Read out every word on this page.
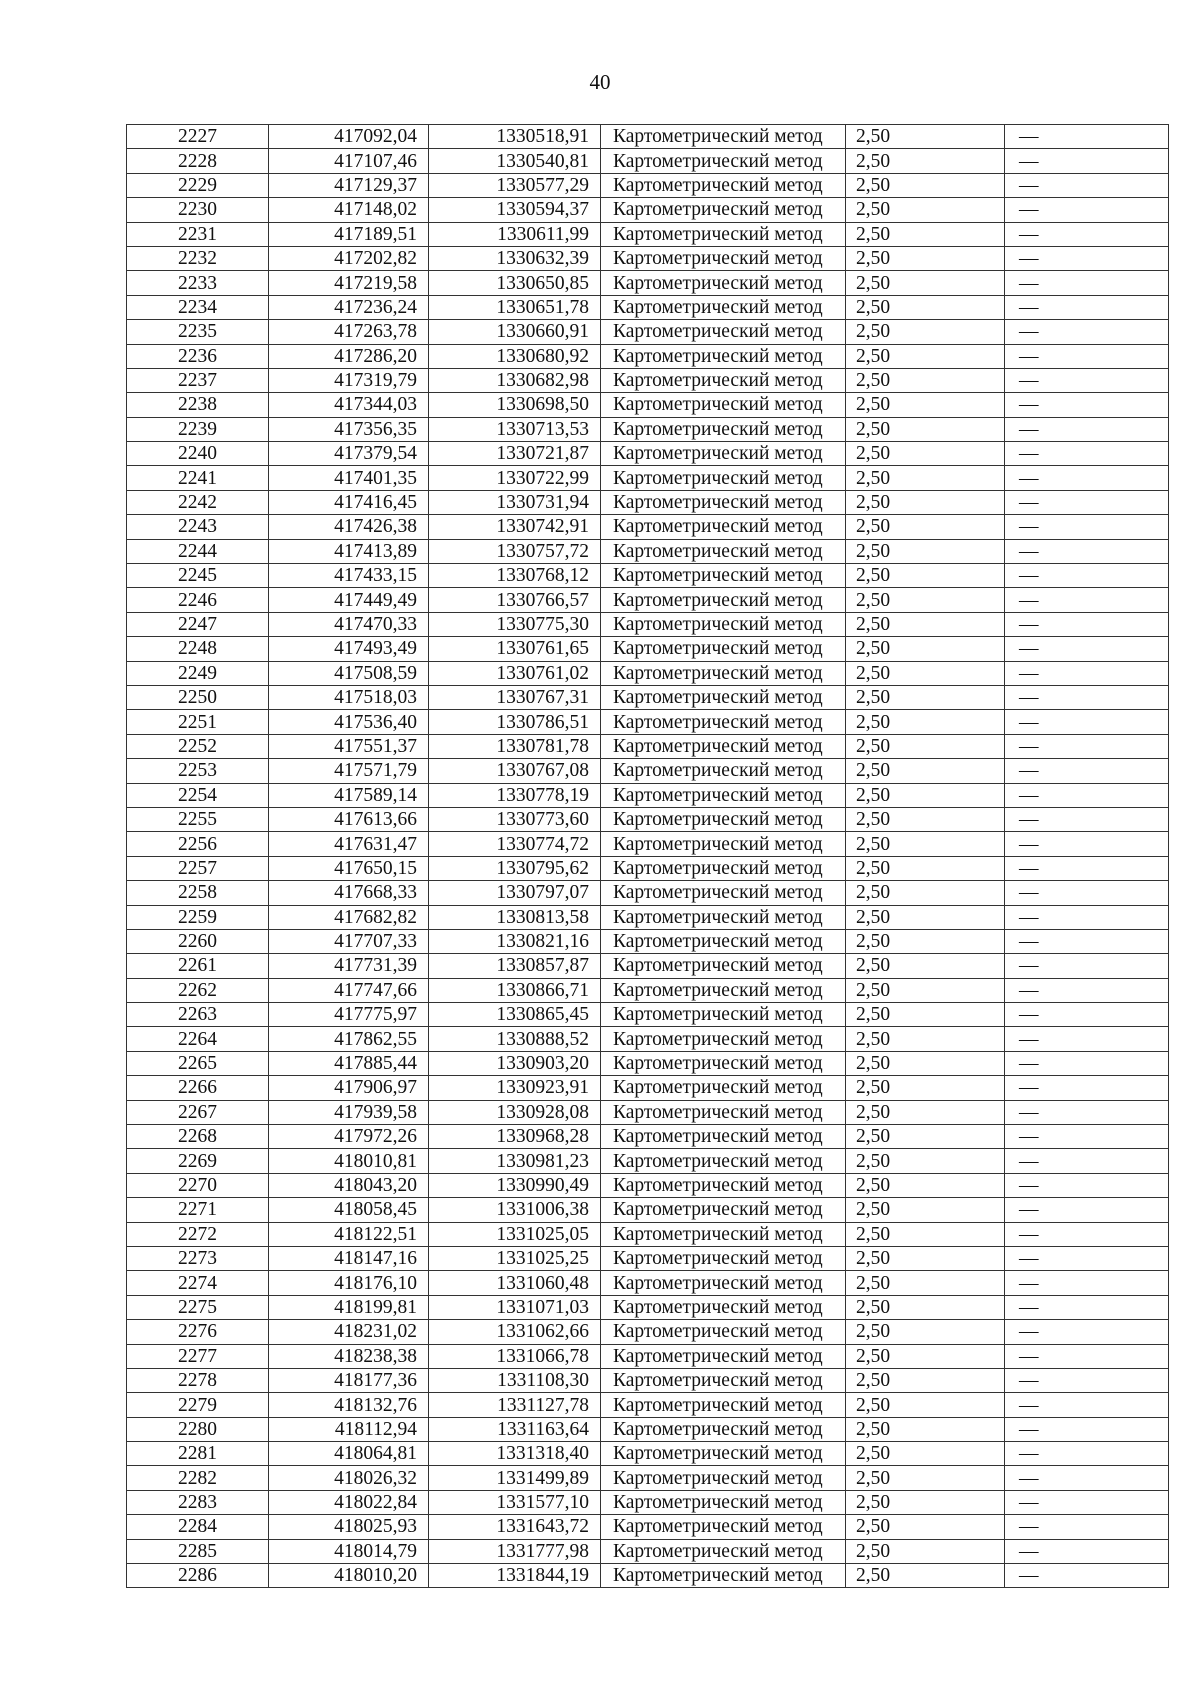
40
2227	417092,04	1330518,91	Картометрический метод	2,50	—
2228	417107,46	1330540,81	Картометрический метод	2,50	—
2229	417129,37	1330577,29	Картометрический метод	2,50	—
2230	417148,02	1330594,37	Картометрический метод	2,50	—
2231	417189,51	1330611,99	Картометрический метод	2,50	—
2232	417202,82	1330632,39	Картометрический метод	2,50	—
2233	417219,58	1330650,85	Картометрический метод	2,50	—
2234	417236,24	1330651,78	Картометрический метод	2,50	—
2235	417263,78	1330660,91	Картометрический метод	2,50	—
2236	417286,20	1330680,92	Картометрический метод	2,50	—
2237	417319,79	1330682,98	Картометрический метод	2,50	—
2238	417344,03	1330698,50	Картометрический метод	2,50	—
2239	417356,35	1330713,53	Картометрический метод	2,50	—
2240	417379,54	1330721,87	Картометрический метод	2,50	—
2241	417401,35	1330722,99	Картометрический метод	2,50	—
2242	417416,45	1330731,94	Картометрический метод	2,50	—
2243	417426,38	1330742,91	Картометрический метод	2,50	—
2244	417413,89	1330757,72	Картометрический метод	2,50	—
2245	417433,15	1330768,12	Картометрический метод	2,50	—
2246	417449,49	1330766,57	Картометрический метод	2,50	—
2247	417470,33	1330775,30	Картометрический метод	2,50	—
2248	417493,49	1330761,65	Картометрический метод	2,50	—
2249	417508,59	1330761,02	Картометрический метод	2,50	—
2250	417518,03	1330767,31	Картометрический метод	2,50	—
2251	417536,40	1330786,51	Картометрический метод	2,50	—
2252	417551,37	1330781,78	Картометрический метод	2,50	—
2253	417571,79	1330767,08	Картометрический метод	2,50	—
2254	417589,14	1330778,19	Картометрический метод	2,50	—
2255	417613,66	1330773,60	Картометрический метод	2,50	—
2256	417631,47	1330774,72	Картометрический метод	2,50	—
2257	417650,15	1330795,62	Картометрический метод	2,50	—
2258	417668,33	1330797,07	Картометрический метод	2,50	—
2259	417682,82	1330813,58	Картометрический метод	2,50	—
2260	417707,33	1330821,16	Картометрический метод	2,50	—
2261	417731,39	1330857,87	Картометрический метод	2,50	—
2262	417747,66	1330866,71	Картометрический метод	2,50	—
2263	417775,97	1330865,45	Картометрический метод	2,50	—
2264	417862,55	1330888,52	Картометрический метод	2,50	—
2265	417885,44	1330903,20	Картометрический метод	2,50	—
2266	417906,97	1330923,91	Картометрический метод	2,50	—
2267	417939,58	1330928,08	Картометрический метод	2,50	—
2268	417972,26	1330968,28	Картометрический метод	2,50	—
2269	418010,81	1330981,23	Картометрический метод	2,50	—
2270	418043,20	1330990,49	Картометрический метод	2,50	—
2271	418058,45	1331006,38	Картометрический метод	2,50	—
2272	418122,51	1331025,05	Картометрический метод	2,50	—
2273	418147,16	1331025,25	Картометрический метод	2,50	—
2274	418176,10	1331060,48	Картометрический метод	2,50	—
2275	418199,81	1331071,03	Картометрический метод	2,50	—
2276	418231,02	1331062,66	Картометрический метод	2,50	—
2277	418238,38	1331066,78	Картометрический метод	2,50	—
2278	418177,36	1331108,30	Картометрический метод	2,50	—
2279	418132,76	1331127,78	Картометрический метод	2,50	—
2280	418112,94	1331163,64	Картометрический метод	2,50	—
2281	418064,81	1331318,40	Картометрический метод	2,50	—
2282	418026,32	1331499,89	Картометрический метод	2,50	—
2283	418022,84	1331577,10	Картометрический метод	2,50	—
2284	418025,93	1331643,72	Картометрический метод	2,50	—
2285	418014,79	1331777,98	Картометрический метод	2,50	—
2286	418010,20	1331844,19	Картометрический метод	2,50	—
